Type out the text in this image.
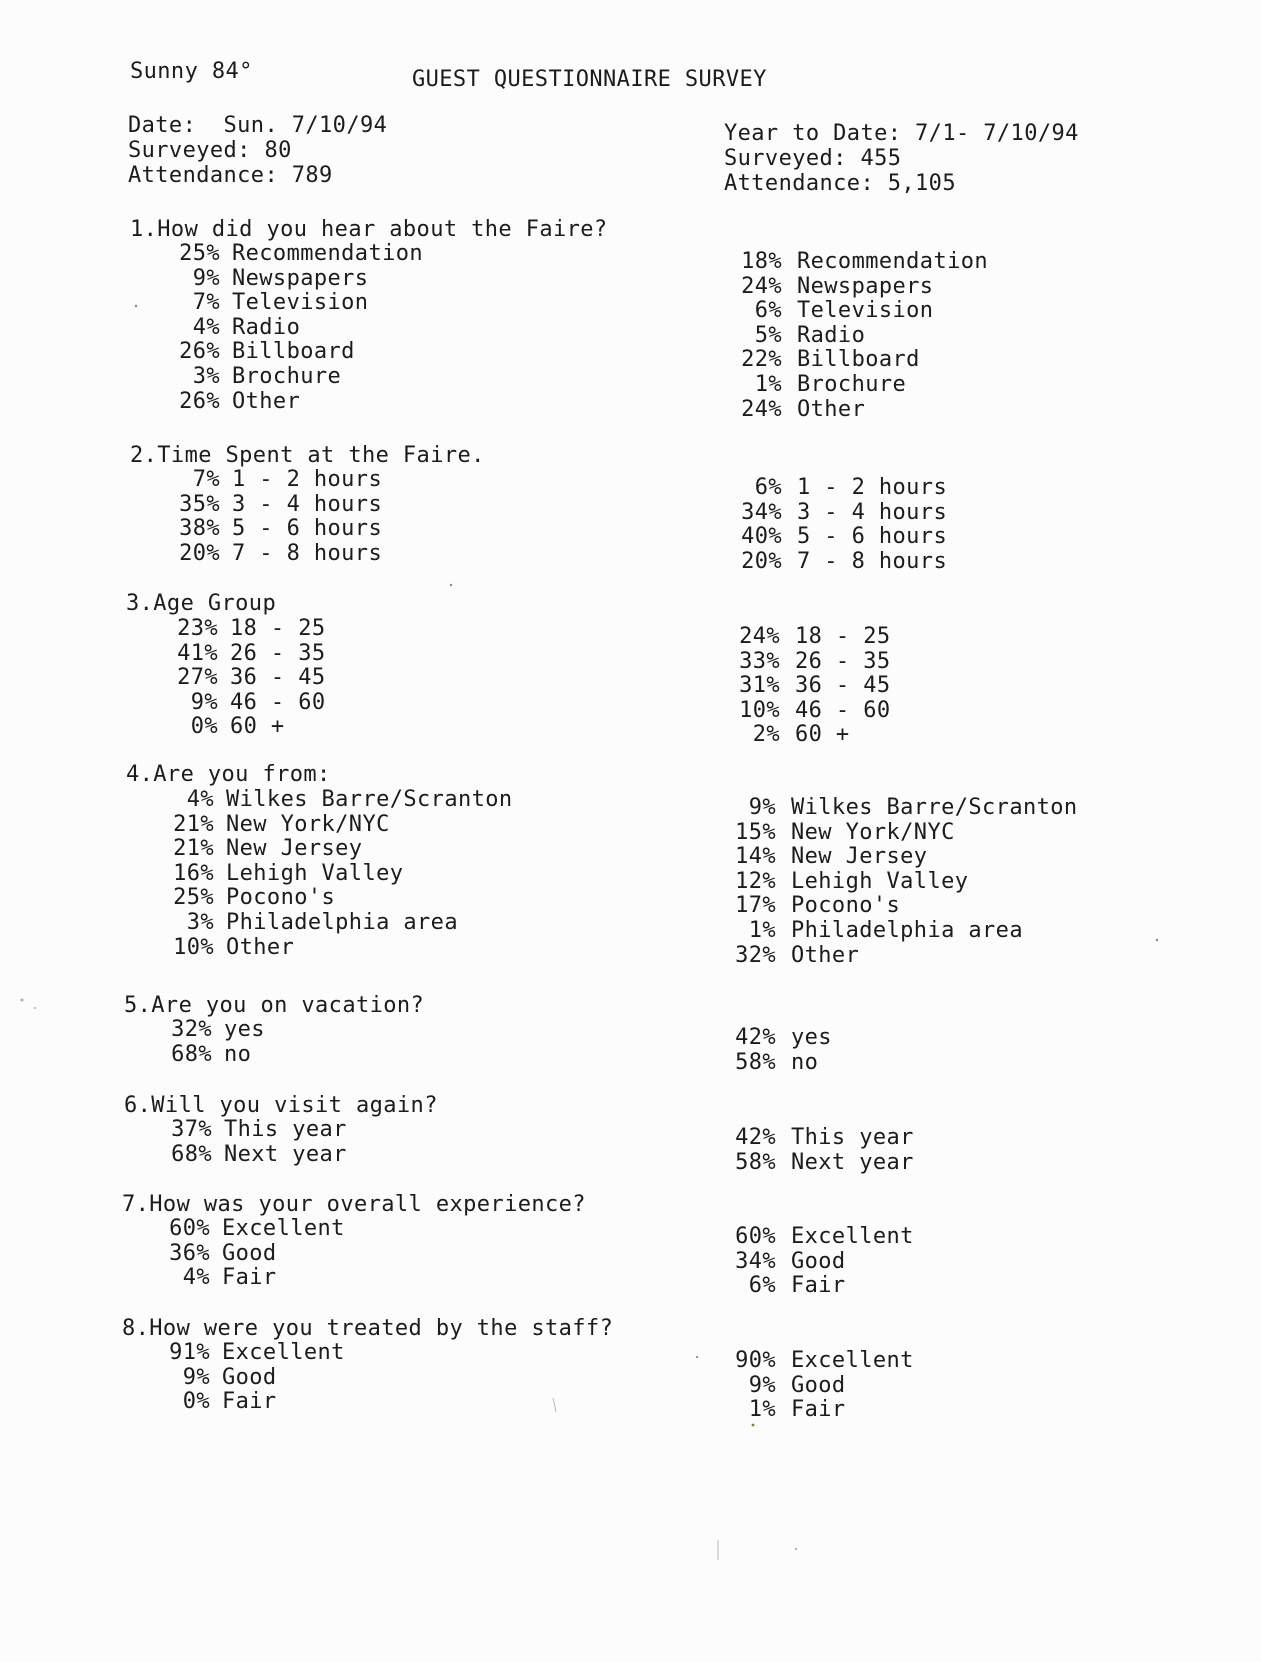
Sunny 84°	GUEST QUESTIONNAIRE SURVEY
Date:  Sun. 7/10/94
Surveyed: 80
Attendance: 789
Year to Date: 7/1- 7/10/94
Surveyed: 455
Attendance: 5,105
1.How did you hear about the Faire?
25% Recommendation	18% Recommendation
9% Newspapers	24% Newspapers
7% Television	6% Television
4% Radio	5% Radio
26% Billboard	22% Billboard
3% Brochure	1% Brochure
26% Other	24% Other
2.Time Spent at the Faire.
7% 1 - 2 hours	6% 1 - 2 hours
35% 3 - 4 hours	34% 3 - 4 hours
38% 5 - 6 hours	40% 5 - 6 hours
20% 7 - 8 hours	20% 7 - 8 hours
3.Age Group
23% 18 - 25	24% 18 - 25
41% 26 - 35	33% 26 - 35
27% 36 - 45	31% 36 - 45
9% 46 - 60	10% 46 - 60
0% 60 +	2% 60 +
4.Are you from:
4% Wilkes Barre/Scranton	9% Wilkes Barre/Scranton
21% New York/NYC	15% New York/NYC
21% New Jersey	14% New Jersey
16% Lehigh Valley	12% Lehigh Valley
25% Pocono's	17% Pocono's
3% Philadelphia area	1% Philadelphia area
10% Other	32% Other
5.Are you on vacation?
32% yes	42% yes
68% no	58% no
6.Will you visit again?
37% This year	42% This year
68% Next year	58% Next year
7.How was your overall experience?
60% Excellent	60% Excellent
36% Good	34% Good
4% Fair	6% Fair
8.How were you treated by the staff?
91% Excellent	90% Excellent
9% Good	9% Good
0% Fair	1% Fair
